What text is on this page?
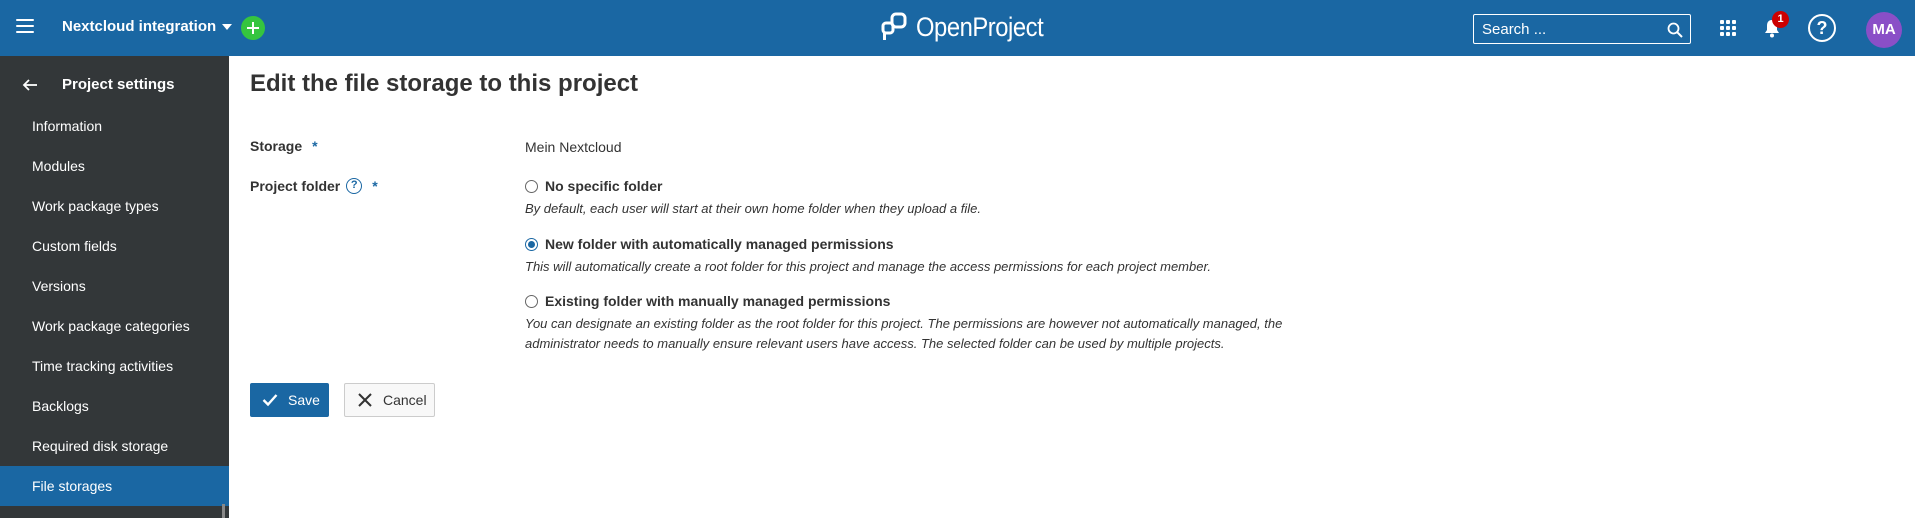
Nextcloud integration	OpenProject
Search ...	1	?	MA
Project settings
Information
Modules
Work package types
Custom fields
Versions
Work package categories
Time tracking activities
Backlogs
Required disk storage
File storages
Edit the file storage to this project
Storage *	Mein Nextcloud
Project folder ?	*	No specific folder
By default, each user will start at their own home folder when they upload a file.
New folder with automatically managed permissions
This will automatically create a root folder for this project and manage the access permissions for each project member.
Existing folder with manually managed permissions
You can designate an existing folder as the root folder for this project. The permissions are however not automatically managed, the
administrator needs to manually ensure relevant users have access. The selected folder can be used by multiple projects.
Save	Cancel
